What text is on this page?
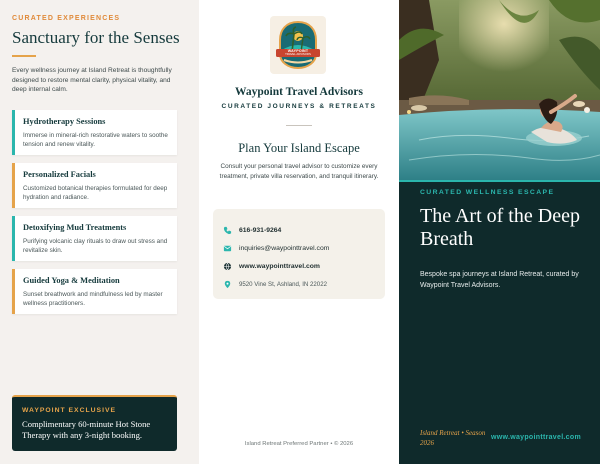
CURATED EXPERIENCES
Sanctuary for the Senses
Every wellness journey at Island Retreat is thoughtfully designed to restore mental clarity, physical vitality, and deep internal calm.
Hydrotherapy Sessions
Immerse in mineral-rich restorative waters to soothe tension and renew vitality.
Personalized Facials
Customized botanical therapies formulated for deep hydration and radiance.
Detoxifying Mud Treatments
Purifying volcanic clay rituals to draw out stress and revitalize skin.
Guided Yoga & Meditation
Sunset breathwork and mindfulness led by master wellness practitioners.
WAYPOINT EXCLUSIVE
Complimentary 60-minute Hot Stone Therapy with any 3-night booking.
WAYPOINT
TRAVEL ADVISORS
Waypoint Travel Advisors
CURATED JOURNEYS & RETREATS
Plan Your Island Escape
Consult your personal travel advisor to customize every treatment, private villa reservation, and tranquil itinerary.
616-931-9264
inquiries@waypointtravel.com
www.waypointtravel.com
9520 Vine St, Ashland, IN 22022
Island Retreat Preferred Partner • © 2026
CURATED WELLNESS ESCAPE
The Art of the Deep Breath
Bespoke spa journeys at Island Retreat, curated by Waypoint Travel Advisors.
Island Retreat • Season 2026
www.waypointtravel.com
